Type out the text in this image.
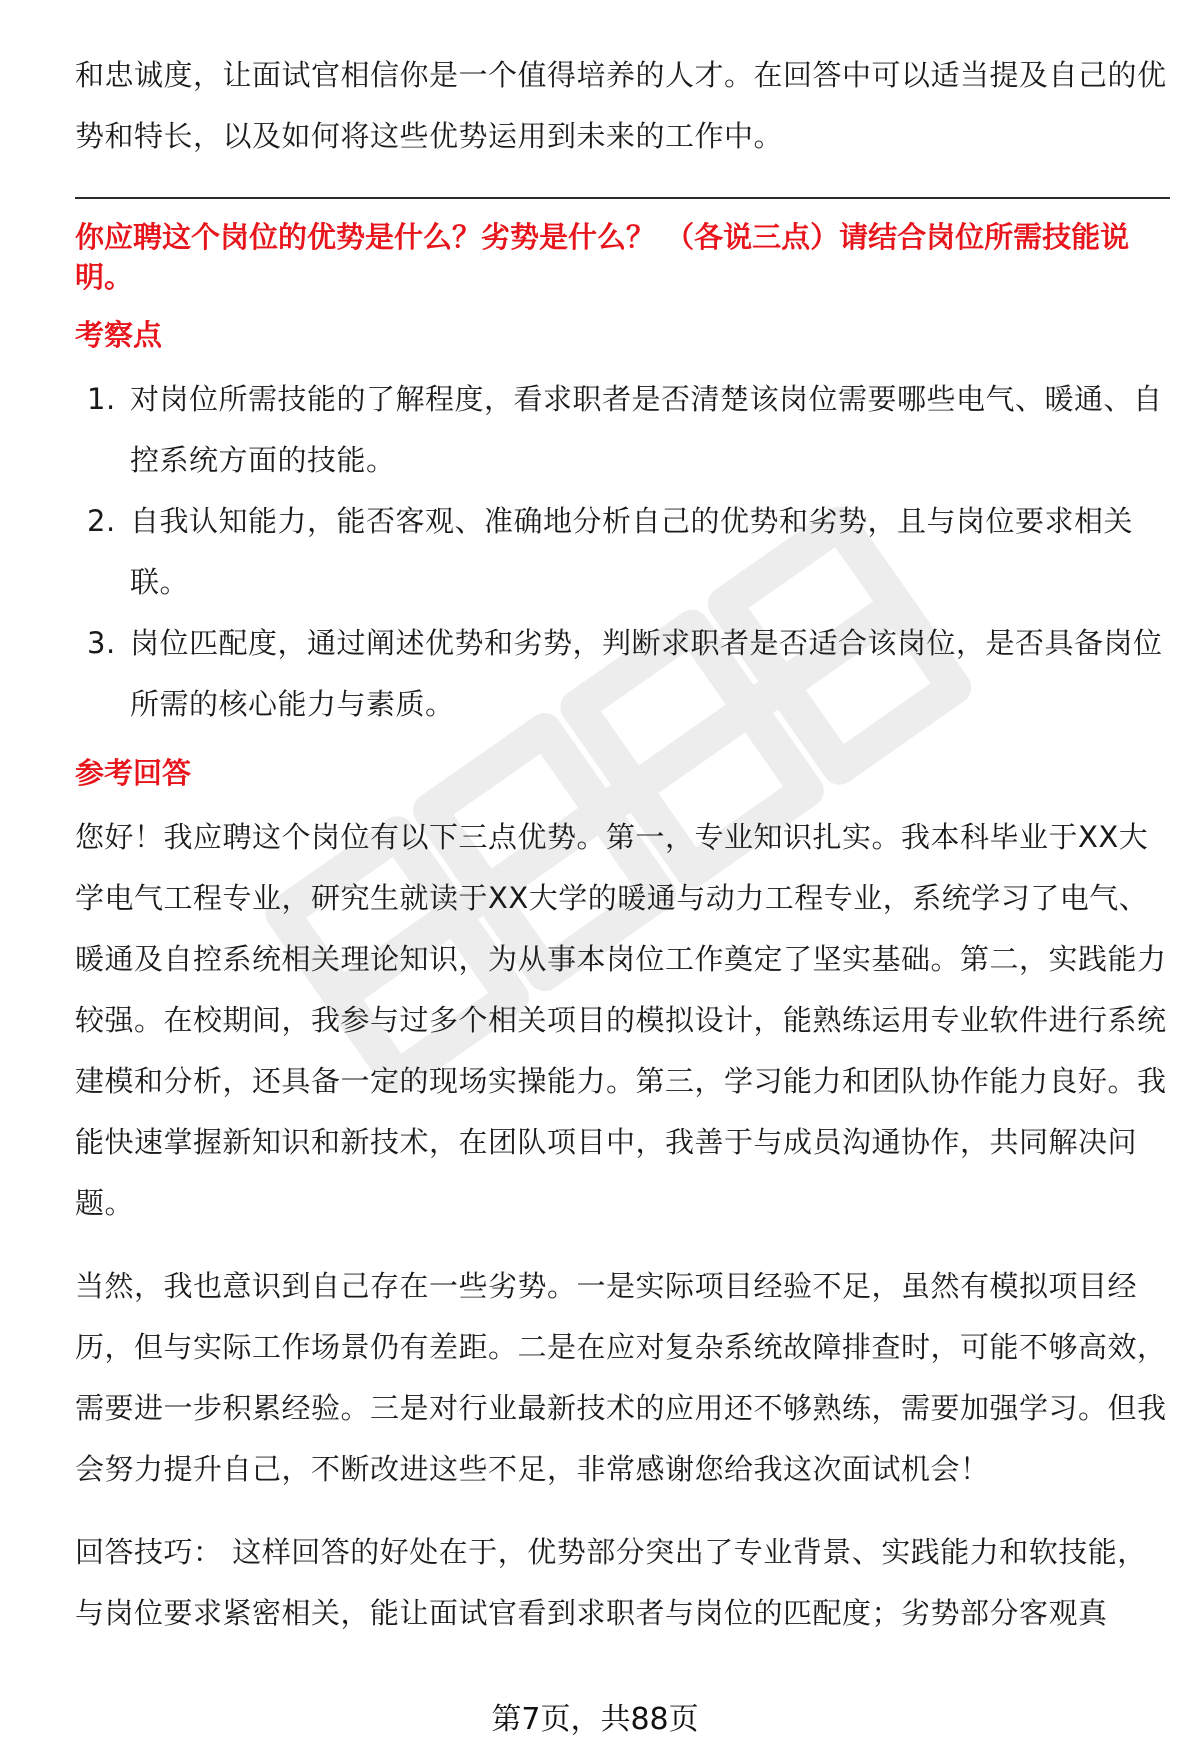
和忠诚度，让面试官相信你是一个值得培养的人才。在回答中可以适当提及自己的优势和特长，以及如何将这些优势运用到未来的工作中。

你应聘这个岗位的优势是什么？劣势是什么？ （各说三点）请结合岗位所需技能说明。

考察点
1. 对岗位所需技能的了解程度，看求职者是否清楚该岗位需要哪些电气、暖通、自控系统方面的技能。
2. 自我认知能力，能否客观、准确地分析自己的优势和劣势，且与岗位要求相关联。
3. 岗位匹配度，通过阐述优势和劣势，判断求职者是否适合该岗位，是否具备岗位所需的核心能力与素质。
参考回答

您好！我应聘这个岗位有以下三点优势。第一，专业知识扎实。我本科毕业于XX大学电气工程专业，研究生就读于XX大学的暖通与动力工程专业，系统学习了电气、暖通及自控系统相关理论知识，为从事本岗位工作奠定了坚实基础。第二，实践能力较强。在校期间，我参与过多个相关项目的模拟设计，能熟练运用专业软件进行系统建模和分析，还具备一定的现场实操能力。第三，学习能力和团队协作能力良好。我能快速掌握新知识和新技术，在团队项目中，我善于与成员沟通协作，共同解决问题。

当然，我也意识到自己存在一些劣势。一是实际项目经验不足，虽然有模拟项目经历，但与实际工作场景仍有差距。二是在应对复杂系统故障排查时，可能不够高效，需要进一步积累经验。三是对行业最新技术的应用还不够熟练，需要加强学习。但我会努力提升自己，不断改进这些不足，非常感谢您给我这次面试机会！

回答技巧： 这样回答的好处在于，优势部分突出了专业背景、实践能力和软技能，与岗位要求紧密相关，能让面试官看到求职者与岗位的匹配度；劣势部分客观真

第7页，共88页
